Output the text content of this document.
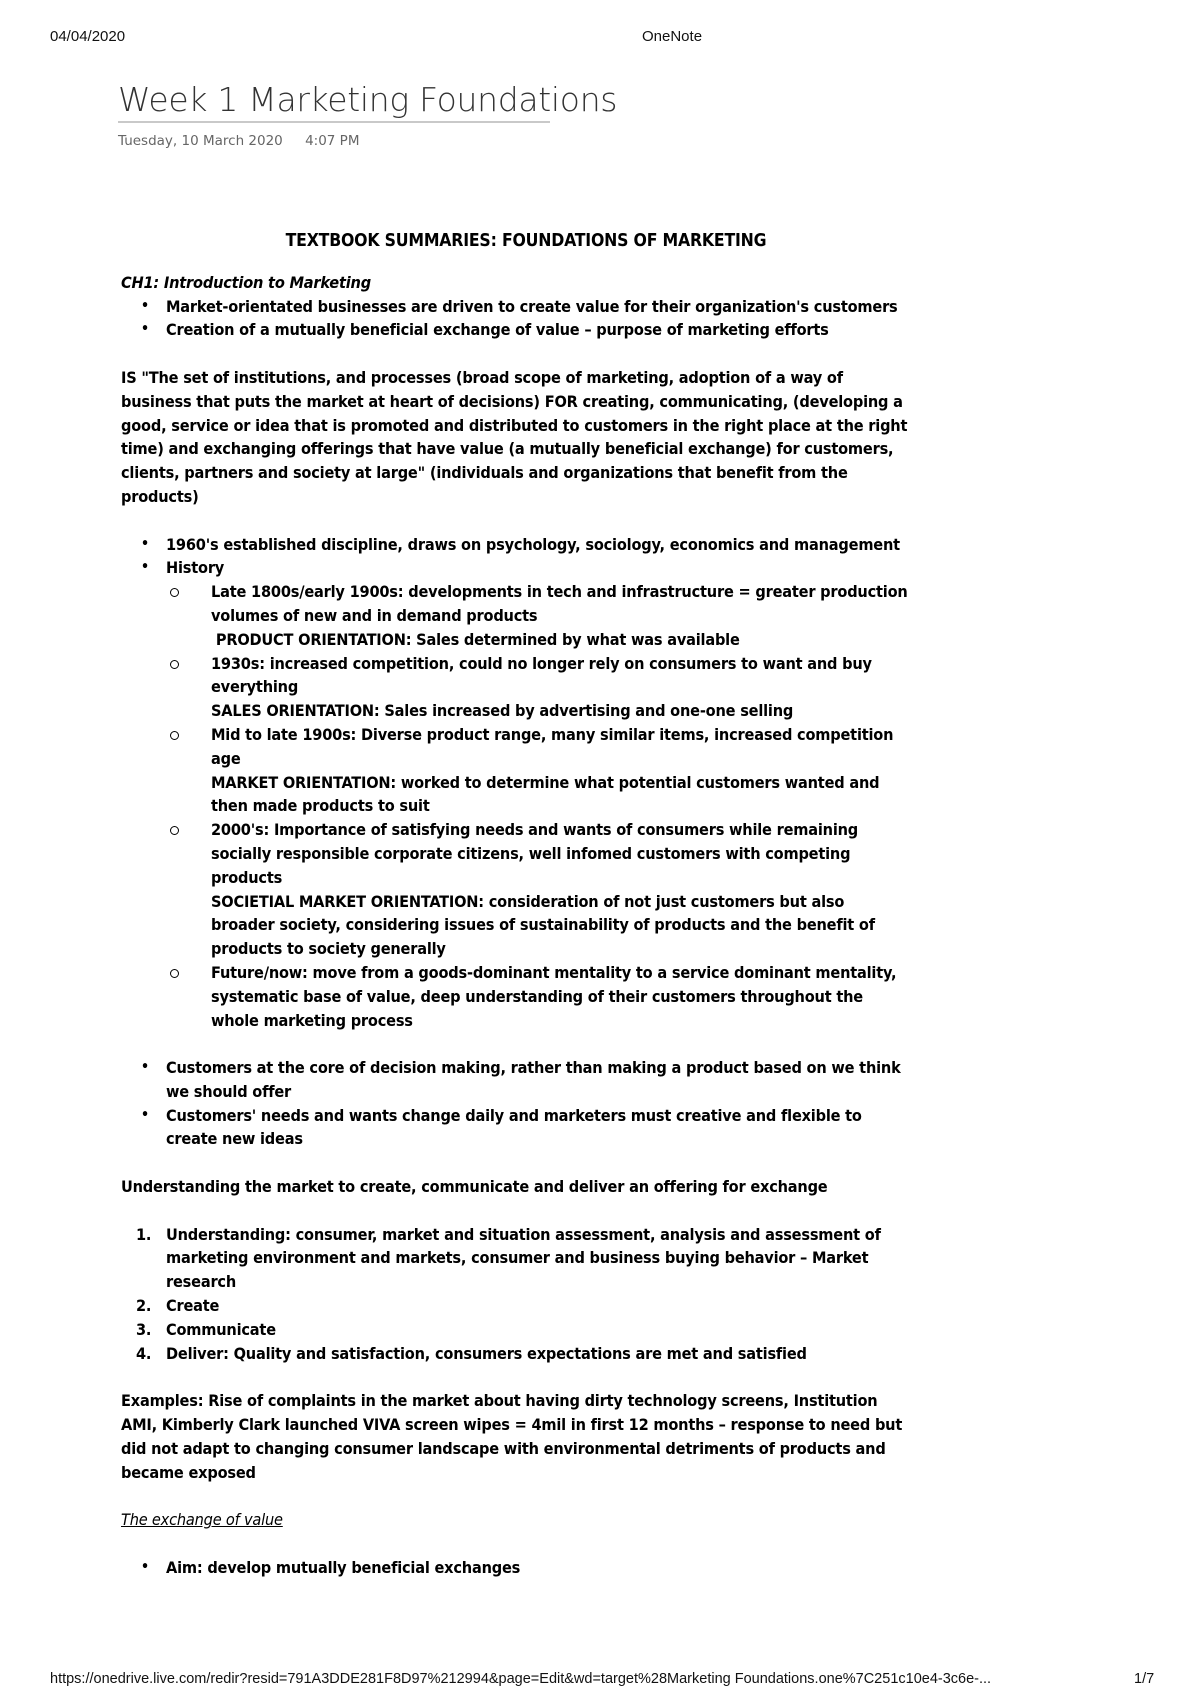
04/04/2020	OneNote
Week 1 Marketing Foundations
Tuesday, 10 March 2020 4:07 PM

TEXTBOOK SUMMARIES: FOUNDATIONS OF MARKETING

CH1: Introduction to Marketing

• Market-orientated businesses are driven to create value for their organization's customers
• Creation of a mutually beneficial exchange of value – purpose of marketing efforts

IS "The set of institutions, and processes (broad scope of marketing, adoption of a way of business that puts the market at heart of decisions) FOR creating, communicating, (developing a good, service or idea that is promoted and distributed to customers in the right place at the right time) and exchanging offerings that have value (a mutually beneficial exchange) for customers, clients, partners and society at large" (individuals and organizations that benefit from the products)

• 1960's established discipline, draws on psychology, sociology, economics and management
• History
Late 1800s/early 1900s: developments in tech and infrastructure = greater production volumes of new and in demand products
PRODUCT ORIENTATION: Sales determined by what was available
1930s: increased competition, could no longer rely on consumers to want and buy everything
SALES ORIENTATION: Sales increased by advertising and one-one selling
Mid to late 1900s: Diverse product range, many similar items, increased competition age
MARKET ORIENTATION: worked to determine what potential customers wanted and then made products to suit
2000's: Importance of satisfying needs and wants of consumers while remaining socially responsible corporate citizens, well infomed customers with competing products
SOCIETIAL MARKET ORIENTATION: consideration of not just customers but also broader society, considering issues of sustainability of products and the benefit of products to society generally
Future/now: move from a goods-dominant mentality to a service dominant mentality, systematic base of value, deep understanding of their customers throughout the whole marketing process
• Customers at the core of decision making, rather than making a product based on we think we should offer
• Customers' needs and wants change daily and marketers must creative and flexible to create new ideas

Understanding the market to create, communicate and deliver an offering for exchange

1. Understanding: consumer, market and situation assessment, analysis and assessment of marketing environment and markets, consumer and business buying behavior – Market research
2. Create
3. Communicate
4. Deliver: Quality and satisfaction, consumers expectations are met and satisfied

Examples: Rise of complaints in the market about having dirty technology screens, Institution AMI, Kimberly Clark launched VIVA screen wipes = 4mil in first 12 months – response to need but did not adapt to changing consumer landscape with environmental detriments of products and became exposed

The exchange of value

• Aim: develop mutually beneficial exchanges
https://onedrive.live.com/redir?resid=791A3DDE281F8D97%212994&page=Edit&wd=target%28Marketing Foundations.one%7C251c10e4-3c6e-...	1/7
